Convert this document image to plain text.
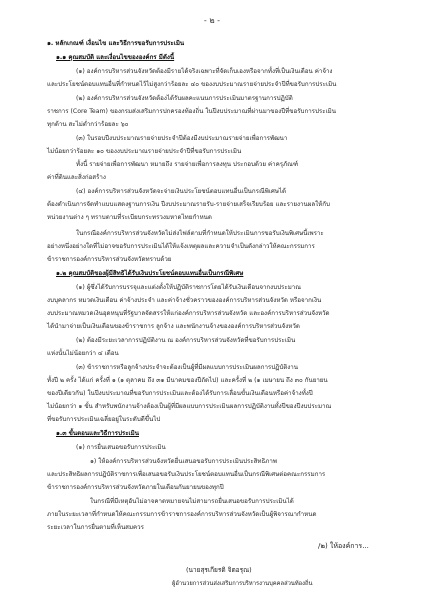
- ๒ -
๑. หลักเกณฑ์ เงื่อนไข และวิธีการขอรับการประเมิน
๑.๑ คุณสมบัติ และเงื่อนไขขององค์กร มีดังนี้
(๑) องค์การบริหารส่วนจังหวัดต้องมีรายได้จริงเฉพาะที่จัดเก็บเองหรือจากทั้งที่เป็นเงินเดือน ค่าจ้าง
และประโยชน์ตอบแทนอื่นที่กำหนดไว้ไม่สูงกว่าร้อยละ ๔๐ ของงบประมาณรายจ่ายประจำปีที่ขอรับการประเมิน
(๒) องค์การบริหารส่วนจังหวัดต้องได้รับผลคะแนนการประเมินมาตรฐานการปฏิบัติ
ราชการ (Core Team) ของกรมส่งเสริมการปกครองท้องถิ่น ในปีงบประมาณที่ผ่านมาของปีที่ขอรับการประเมิน
ทุกด้าน สะไม่ต่ำกว่าร้อยละ ๖๐
(๓) ในรอบปีงบประมาณรายจ่ายประจำปีต้องมีงบประมาณรายจ่ายเพื่อการพัฒนา
ไม่น้อยกว่าร้อยละ ๑๐ ของงบประมาณรายจ่ายประจำปีที่ขอรับการประเมิน
ทั้งนี้ รายจ่ายเพื่อการพัฒนา หมายถึง รายจ่ายเพื่อการลงทุน ประกอบด้วย ค่าครุภัณฑ์
ค่าที่ดินและสิ่งก่อสร้าง
(๔) องค์การบริหารส่วนจังหวัดจะจ่ายเงินประโยชน์ตอบแทนอื่นเป็นกรณีพิเศษได้
ต้องดำเนินการจัดทำแบบแสดงฐานการเงิน ปีงบประมาณรายรับ-รายจ่ายเสร็จเรียบร้อย และรายงานผลให้กับ
หน่วยงานต่าง ๆ ทราบตามที่ระเบียบกระทรวงมหาดไทยกำหนด
ในกรณีองค์การบริหารส่วนจังหวัดไม่ส่งไฟล์ตามที่กำหนดให้ประเมินการขอรับเงินพิเศษนี้เพราะ
อย่างหนึ่งอย่างใดที่ไม่อาจขอรับการประเมินได้ให้แจ้งเหตุผลและความจำเป็นดังกล่าวให้คณะกรรมการ
ข้าราชการองค์การบริหารส่วนจังหวัดทราบด้วย
๑.๒ คุณสมบัติของผู้มีสิทธิได้รับเงินประโยชน์ตอบแทนอื่นเป็นกรณีพิเศษ
(๑) ผู้ซึ่งได้รับการบรรจุและแต่งตั้งให้ปฏิบัติราชการโดยได้รับเงินเดือนจากงบประมาณ
งบบุคลากร หมวดเงินเดือน ค่าจ้างประจำ และค่าจ้างชั่วคราวขององค์การบริหารส่วนจังหวัด หรือจากเงิน
งบประมาณหมวดเงินอุดหนุนที่รัฐบาลจัดสรรให้แก่องค์การบริหารส่วนจังหวัด และองค์การบริหารส่วนจังหวัด
ได้นำมาจ่ายเป็นเงินเดือนของข้าราชการ ลูกจ้าง และพนักงานจ้างขององค์การบริหารส่วนจังหวัด
(๒) ต้องมีระยะเวลาการปฏิบัติงาน ณ องค์การบริหารส่วนจังหวัดที่ขอรับการประเมิน
แห่งนั้นไม่น้อยกว่า ๔ เดือน
(๓) ข้าราชการหรือลูกจ้างประจำจะต้องเป็นผู้ที่มีผลแบบการประเมินผลการปฏิบัติงาน
ทั้งปี ๒ ครั้ง ได้แก่ ครั้งที่ ๑ (๑ ตุลาคม ถึง ๓๑ มีนาคมของปีถัดไป) และครั้งที่ ๒ (๑ เมษายน ถึง ๓๐ กันยายน
ของปีเดียวกัน) ในปีงบประมาณที่ขอรับการประเมินและต้องได้รับการเลื่อนขั้นเงินเดือนหรือค่าจ้างทั้งปี
ไม่น้อยกว่า ๑ ขั้น สำหรับพนักงานจ้างต้องเป็นผู้ที่มีผลแบบการประเมินผลการปฏิบัติงานทั้งปีของปีงบประมาณ
ที่ขอรับการประเมินเฉลี่ยอยู่ในระดับดีขึ้นไป
๑.๓ ขั้นตอนและวิธีการประเมิน
(๑) การยื่นเสนอขอรับการประเมิน
๑) ให้องค์การบริหารส่วนจังหวัดยื่นเสนอขอรับการประเมินประสิทธิภาพ
และประสิทธิผลการปฏิบัติราชการเพื่อเสนอขอรับเงินประโยชน์ตอบแทนอื่นเป็นกรณีพิเศษต่อคณะกรรมการ
ข้าราชการองค์การบริหารส่วนจังหวัดภายในเดือนกันยายนของทุกปี
ในกรณีที่มีเหตุอันไม่อาจคาดหมายจนไม่สามารถยื่นเสนอขอรับการประเมินได้
ภายในระยะเวลาที่กำหนดให้คณะกรรมการข้าราชการองค์การบริหารส่วนจังหวัดเป็นผู้พิจารณากำหนด
ระยะเวลาในการยื่นตามที่เห็นสมควร
/๒) ให้องค์การ...
(นายสุรเกียรติ จิตอรุณ)
ผู้อำนวยการส่วนส่งเสริมการบริหารงานบุคคลส่วนท้องถิ่น
